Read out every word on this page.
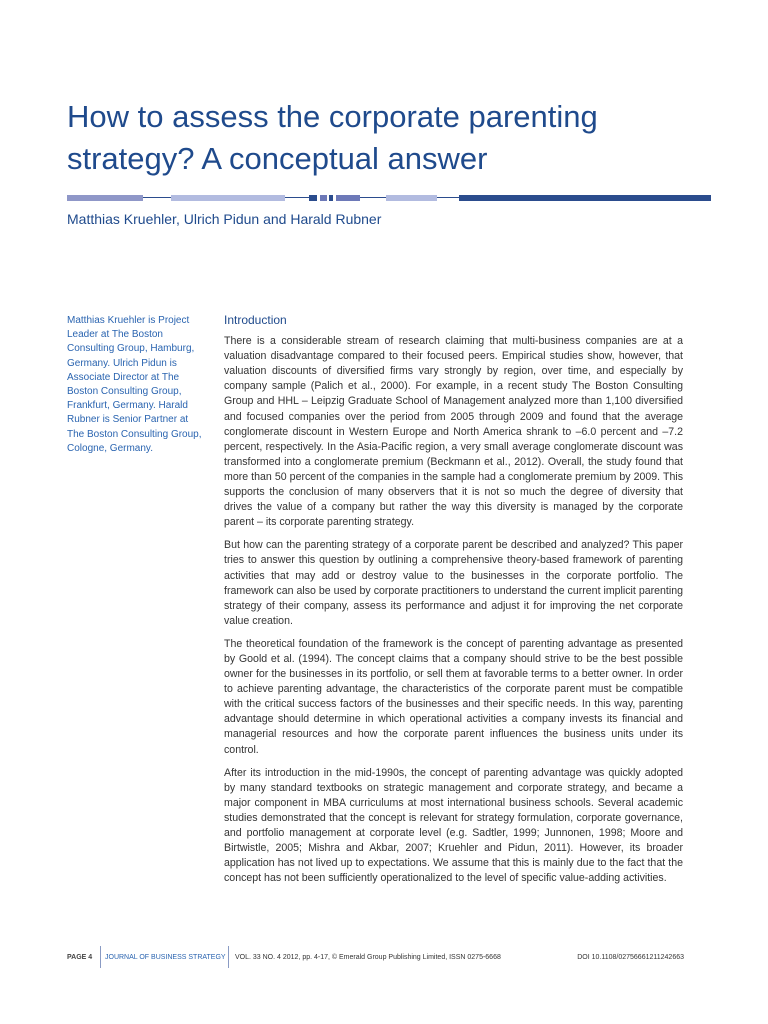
How to assess the corporate parenting strategy? A conceptual answer
Matthias Kruehler, Ulrich Pidun and Harald Rubner

Matthias Kruehler is Project Leader at The Boston Consulting Group, Hamburg, Germany. Ulrich Pidun is Associate Director at The Boston Consulting Group, Frankfurt, Germany. Harald Rubner is Senior Partner at The Boston Consulting Group, Cologne, Germany.

Introduction

There is a considerable stream of research claiming that multi-business companies are at a valuation disadvantage compared to their focused peers. Empirical studies show, however, that valuation discounts of diversified firms vary strongly by region, over time, and especially by company sample (Palich et al., 2000). For example, in a recent study The Boston Consulting Group and HHL – Leipzig Graduate School of Management analyzed more than 1,100 diversified and focused companies over the period from 2005 through 2009 and found that the average conglomerate discount in Western Europe and North America shrank to –6.0 percent and –7.2 percent, respectively. In the Asia-Pacific region, a very small average conglomerate discount was transformed into a conglomerate premium (Beckmann et al., 2012). Overall, the study found that more than 50 percent of the companies in the sample had a conglomerate premium by 2009. This supports the conclusion of many observers that it is not so much the degree of diversity that drives the value of a company but rather the way this diversity is managed by the corporate parent – its corporate parenting strategy.

But how can the parenting strategy of a corporate parent be described and analyzed? This paper tries to answer this question by outlining a comprehensive theory-based framework of parenting activities that may add or destroy value to the businesses in the corporate portfolio. The framework can also be used by corporate practitioners to understand the current implicit parenting strategy of their company, assess its performance and adjust it for improving the net corporate value creation.

The theoretical foundation of the framework is the concept of parenting advantage as presented by Goold et al. (1994). The concept claims that a company should strive to be the best possible owner for the businesses in its portfolio, or sell them at favorable terms to a better owner. In order to achieve parenting advantage, the characteristics of the corporate parent must be compatible with the critical success factors of the businesses and their specific needs. In this way, parenting advantage should determine in which operational activities a company invests its financial and managerial resources and how the corporate parent influences the business units under its control.

After its introduction in the mid-1990s, the concept of parenting advantage was quickly adopted by many standard textbooks on strategic management and corporate strategy, and became a major component in MBA curriculums at most international business schools. Several academic studies demonstrated that the concept is relevant for strategy formulation, corporate governance, and portfolio management at corporate level (e.g. Sadtler, 1999; Junnonen, 1998; Moore and Birtwistle, 2005; Mishra and Akbar, 2007; Kruehler and Pidun, 2011). However, its broader application has not lived up to expectations. We assume that this is mainly due to the fact that the concept has not been sufficiently operationalized to the level of specific value-adding activities.

PAGE 4 JOURNAL OF BUSINESS STRATEGY VOL. 33 NO. 4 2012, pp. 4-17, © Emerald Group Publishing Limited, ISSN 0275-6668	DOI 10.1108/02756661211242663
